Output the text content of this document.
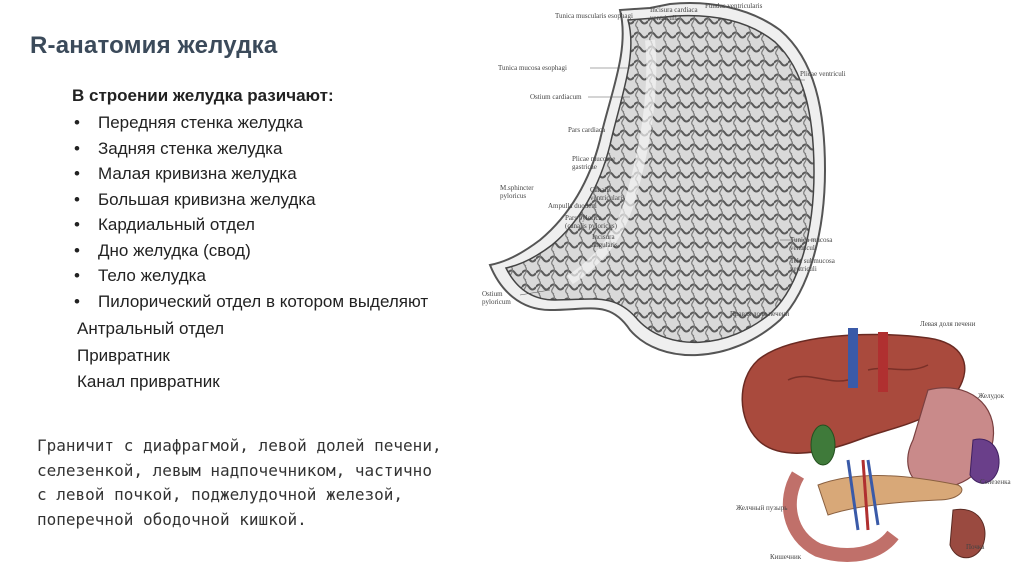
R-анатомия желудка
В строении желудка разичают:
• Передняя стенка желудка
• Задняя стенка желудка
• Малая кривизна желудка
• Большая кривизна желудка
• Кардиальный отдел
• Дно желудка (свод)
• Тело желудка
• Пилорический отдел в котором выделяют
Антральный отдел
Привратник
Канал привратник
Граничит с диафрагмой, левой долей печени,
селезенкой, левым надпочечником, частично
с левой почкой, поджелудочной железой,
поперечной ободочной кишкой.
Tunica muscularis esophagi
Incisura cardiaca ventriculi
Fundus ventricularis
Tunica mucosa esophagi
Ostium cardiacum
Plicae ventriculi
Pars cardiaca
Plicae mucosae gastricae
M.sphincter pyloricus
Canalis ventricularis
Ampulla duodeni
Pars pylorica (canalis pyloricus)
Incisura angularis
Tunica mucosa ventriculi
Tela submucosa ventriculi
Ostium pyloricum
Правая доля печени
Левая доля печени
Желудок
Желчный пузырь
Селезенка
Кишечник
Почка
